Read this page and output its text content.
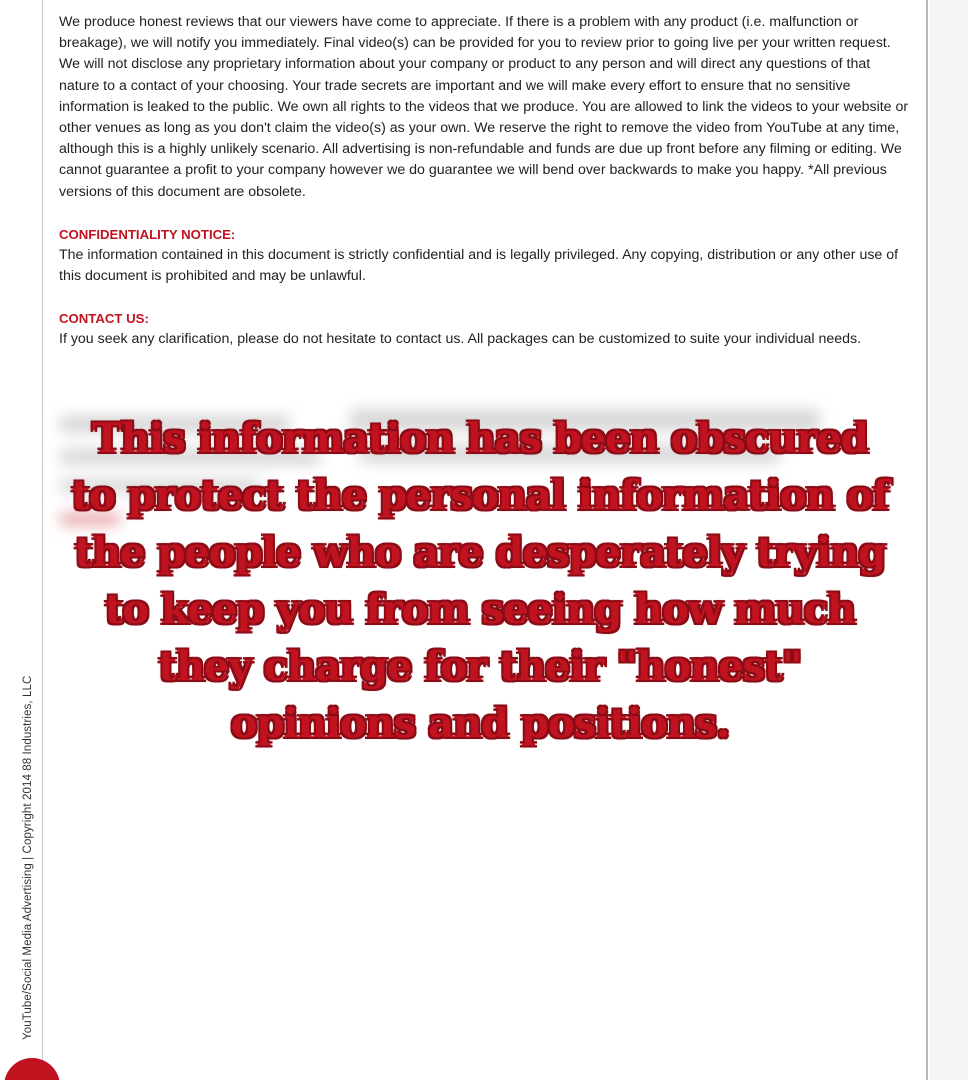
YouTube/Social Media Advertising | Copyright 2014 88 Industries, LLC

We produce honest reviews that our viewers have come to appreciate. If there is a problem with any product (i.e. malfunction or breakage), we will notify you immediately. Final video(s) can be provided for you to review prior to going live per your written request. We will not disclose any proprietary information about your company or product to any person and will direct any questions of that nature to a contact of your choosing. Your trade secrets are important and we will make every effort to ensure that no sensitive information is leaked to the public. We own all rights to the videos that we produce. You are allowed to link the videos to your website or other venues as long as you don't claim the video(s) as your own. We reserve the right to remove the video from YouTube at any time, although this is a highly unlikely scenario. All advertising is non-refundable and funds are due up front before any filming or editing. We cannot guarantee a profit to your company however we do guarantee we will bend over backwards to make you happy. *All previous versions of this document are obsolete.

CONFIDENTIALITY NOTICE:

The information contained in this document is strictly confidential and is legally privileged. Any copying, distribution or any other use of this document is prohibited and may be unlawful.

CONTACT US:

If you seek any clarification, please do not hesitate to contact us. All packages can be customized to suite your individual needs.

This information has been obscured
to protect the personal information of
the people who are desperately trying
to keep you from seeing how much
they charge for their "honest"
opinions and positions.
